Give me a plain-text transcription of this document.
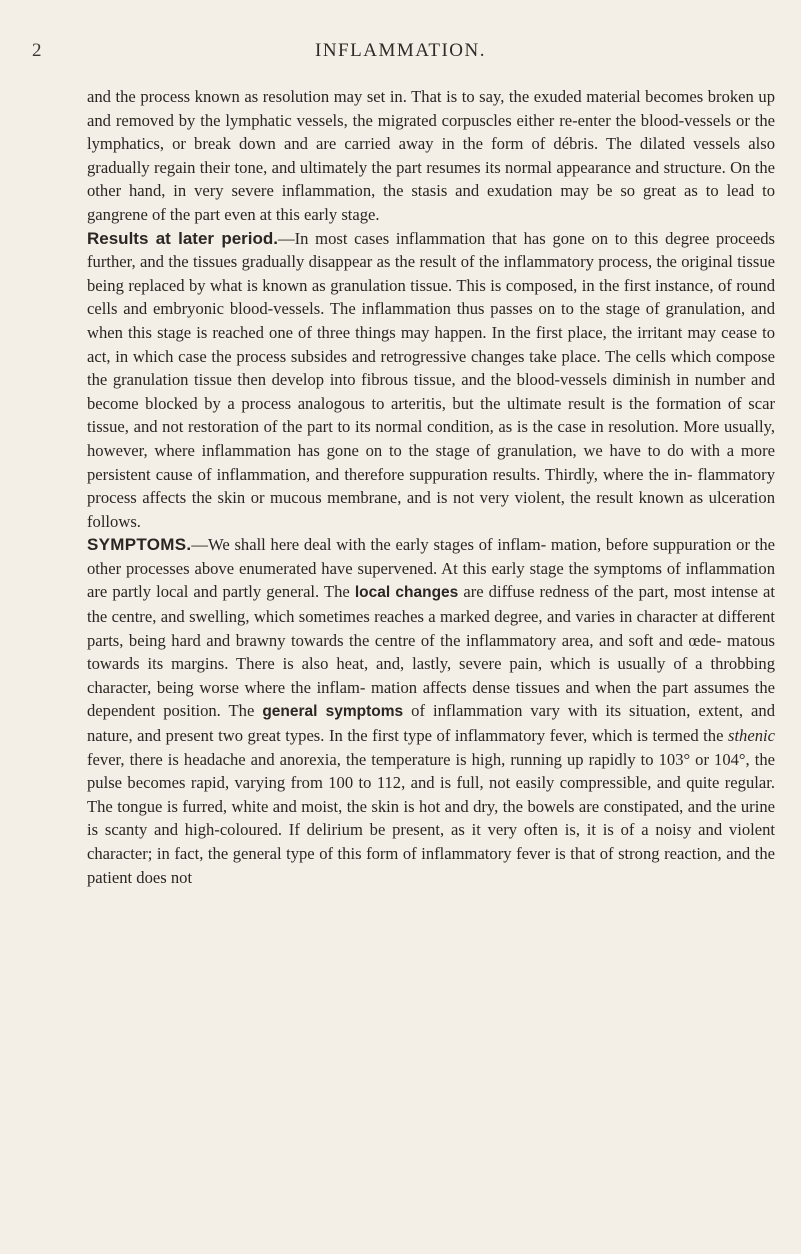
2	INFLAMMATION.

and the process known as resolution may set in. That is to say, the exuded material becomes broken up and removed by the lymphatic vessels, the migrated corpuscles either re-enter the blood-vessels or the lymphatics, or break down and are carried away in the form of débris. The dilated vessels also gradually regain their tone, and ultimately the part resumes its normal appearance and structure. On the other hand, in very severe inflammation, the stasis and exudation may be so great as to lead to gangrene of the part even at this early stage.

Results at later period.—In most cases inflammation that has gone on to this degree proceeds further, and the tissues gradually disappear as the result of the inflammatory process, the original tissue being replaced by what is known as granulation tissue. This is composed, in the first instance, of round cells and embryonic blood-vessels. The inflammation thus passes on to the stage of granulation, and when this stage is reached one of three things may happen. In the first place, the irritant may cease to act, in which case the process subsides and retrogressive changes take place. The cells which compose the granulation tissue then develop into fibrous tissue, and the blood-vessels diminish in number and become blocked by a process analogous to arteritis, but the ultimate result is the formation of scar tissue, and not restoration of the part to its normal condition, as is the case in resolution. More usually, however, where inflammation has gone on to the stage of granulation, we have to do with a more persistent cause of inflammation, and therefore suppuration results. Thirdly, where the in- flammatory process affects the skin or mucous membrane, and is not very violent, the result known as ulceration follows.

SYMPTOMS.—We shall here deal with the early stages of inflam- mation, before suppuration or the other processes above enumerated have supervened. At this early stage the symptoms of inflammation are partly local and partly general. The local changes are diffuse redness of the part, most intense at the centre, and swelling, which sometimes reaches a marked degree, and varies in character at different parts, being hard and brawny towards the centre of the inflammatory area, and soft and œde- matous towards its margins. There is also heat, and, lastly, severe pain, which is usually of a throbbing character, being worse where the inflam- mation affects dense tissues and when the part assumes the dependent position. The general symptoms of inflammation vary with its situation, extent, and nature, and present two great types. In the first type of inflammatory fever, which is termed the sthenic fever, there is headache and anorexia, the temperature is high, running up rapidly to 103° or 104°, the pulse becomes rapid, varying from 100 to 112, and is full, not easily compressible, and quite regular. The tongue is furred, white and moist, the skin is hot and dry, the bowels are constipated, and the urine is scanty and high-coloured. If delirium be present, as it very often is, it is of a noisy and violent character; in fact, the general type of this form of inflammatory fever is that of strong reaction, and the patient does not
